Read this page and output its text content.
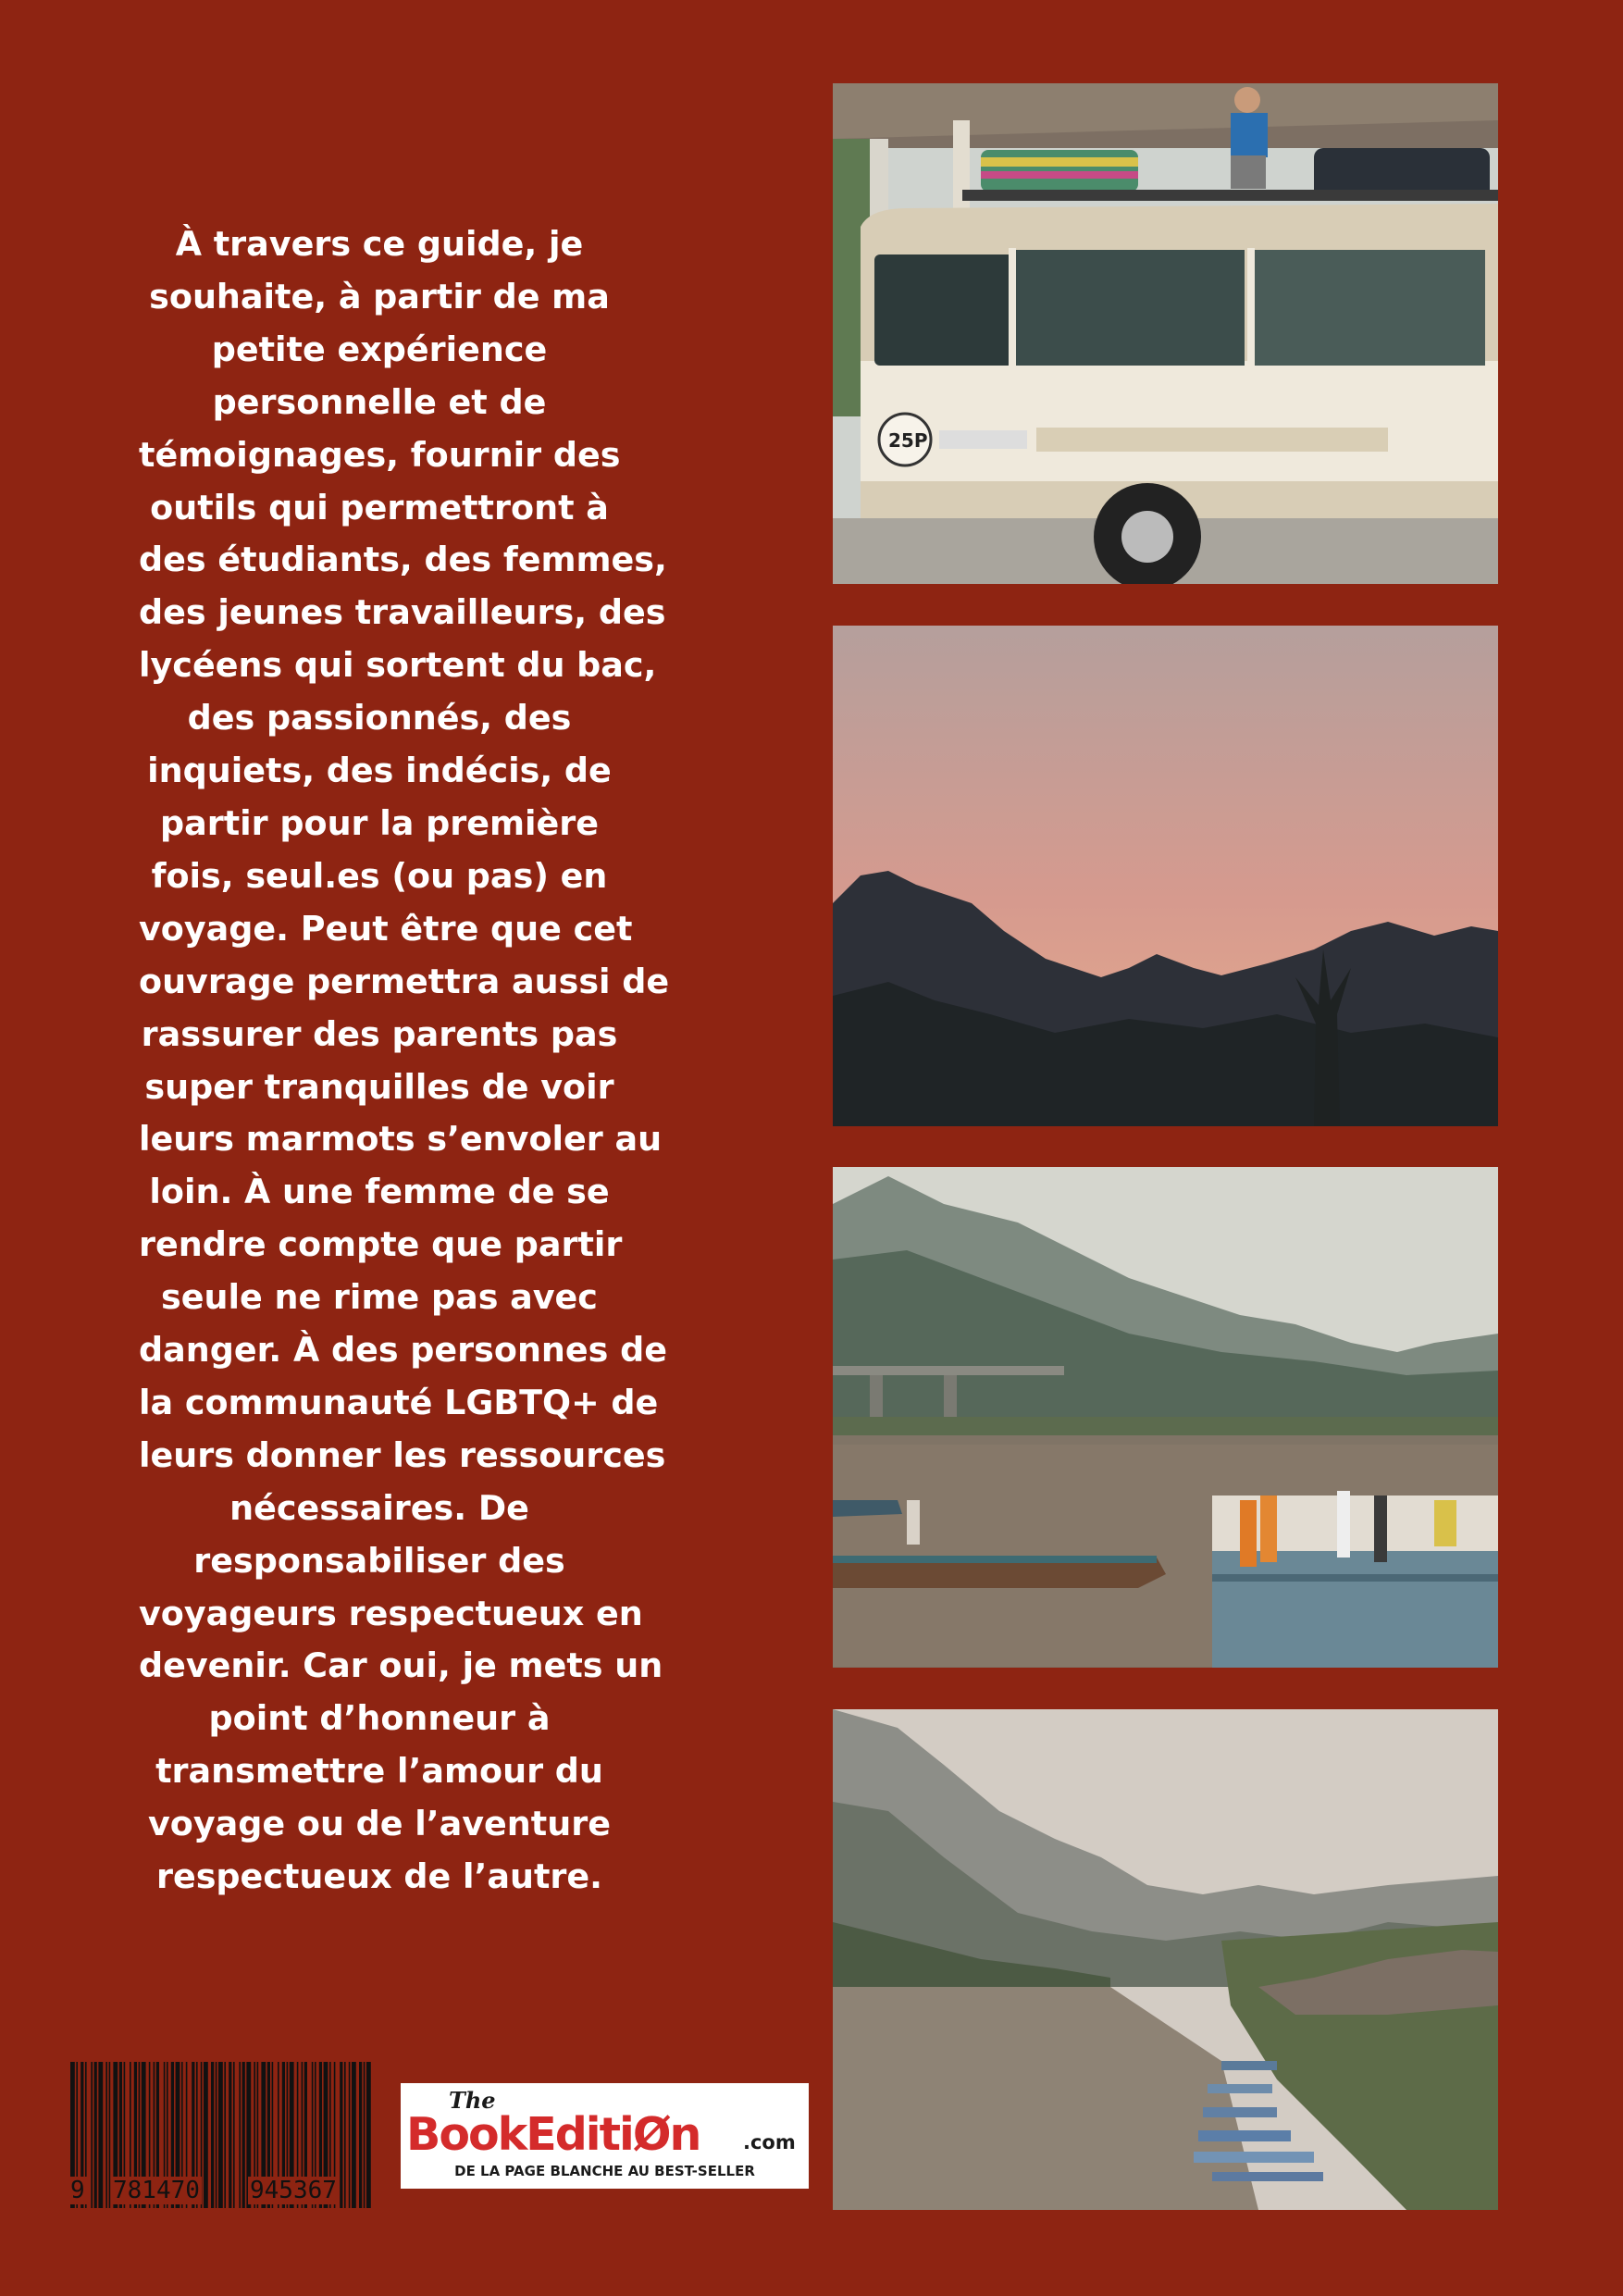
À travers ce guide, je
souhaite, à partir de ma
petite expérience
personnelle et de
témoignages, fournir des
outils qui permettront à
des étudiants, des femmes,
des jeunes travailleurs, des
lycéens qui sortent du bac,
des passionnés, des
inquiets, des indécis, de
partir pour la première
fois, seul.es (ou pas) en
voyage. Peut être que cet
ouvrage permettra aussi de
rassurer des parents pas
super tranquilles de voir
leurs marmots s’envoler au
loin. À une femme de se
rendre compte que partir
seule ne rime pas avec
danger. À des personnes de
la communauté LGBTQ+ de
leurs donner les ressources
nécessaires. De
responsabiliser des
voyageurs respectueux en
devenir. Car oui, je mets un
point d’honneur à
transmettre l’amour du
voyage ou de l’aventure
respectueux de l’autre.
25P
9 781470 945367
The
BookEditiØn .com
DE LA PAGE BLANCHE AU BEST-SELLER
